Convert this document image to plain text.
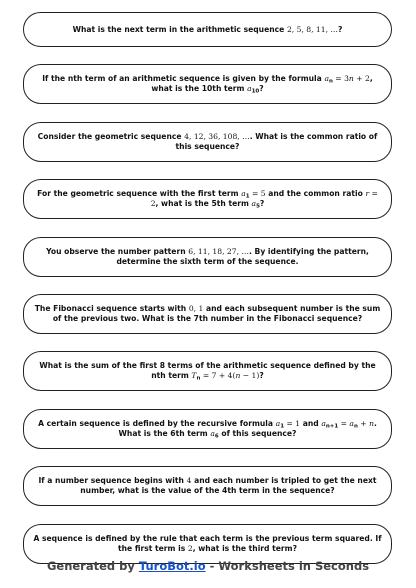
What is the next term in the arithmetic sequence 2, 5, 8, 11, …?
If the nth term of an arithmetic sequence is given by the formula $a_n = 3n + 2$, what is the 10th term $a_{10}$?
Consider the geometric sequence 4, 12, 36, 108, …. What is the common ratio of this sequence?
For the geometric sequence with the first term $a_1 = 5$ and the common ratio r = 2, what is the 5th term $a_5$?
You observe the number pattern 6, 11, 18, 27, …. By identifying the pattern, determine the sixth term of the sequence.
The Fibonacci sequence starts with 0, 1 and each subsequent number is the sum of the previous two. What is the 7th number in the Fibonacci sequence?
What is the sum of the first 8 terms of the arithmetic sequence defined by the nth term $T_n = 7 + 4(n - 1)$?
A certain sequence is defined by the recursive formula $a_1 = 1$ and $a_{n+1} = a_n + n$. What is the 6th term $a_6$ of this sequence?
If a number sequence begins with 4 and each number is tripled to get the next number, what is the value of the 4th term in the sequence?
A sequence is defined by the rule that each term is the previous term squared. If the first term is 2, what is the third term?
Generated by TuroBot.io - Worksheets in Seconds
